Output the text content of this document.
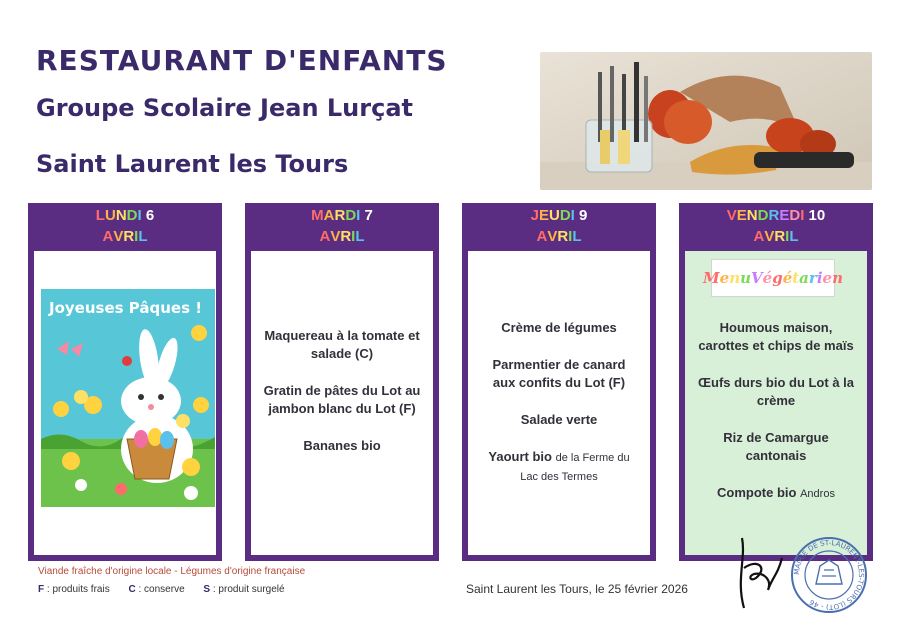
RESTAURANT D'ENFANTS
Groupe Scolaire Jean Lurçat
Saint Laurent les Tours
LUNDI 6
AVRIL
Joyeuses Pâques !
MARDI 7
AVRIL
Maquereau à la tomate et salade (C)
Gratin de pâtes du Lot au jambon blanc du Lot (F)
Bananes bio
JEUDI 9
AVRIL
Crème de légumes
Parmentier de canard aux confits du Lot (F)
Salade verte
Yaourt bio de la Ferme du Lac des Termes
VENDREDI 10
AVRIL
M e n u V é g é t a r i e n
Houmous maison, carottes et chips de maïs
Œufs durs bio du Lot à la crème
Riz de Camargue cantonais
Compote bio Andros
Viande fraîche d'origine locale - Légumes d'origine française
F : produits frais C : conserve S : produit surgelé	Saint Laurent les Tours, le 25 février 2026
MAIRIE DE ST-LAURENT-LES-TOURS (LOT) - 46
